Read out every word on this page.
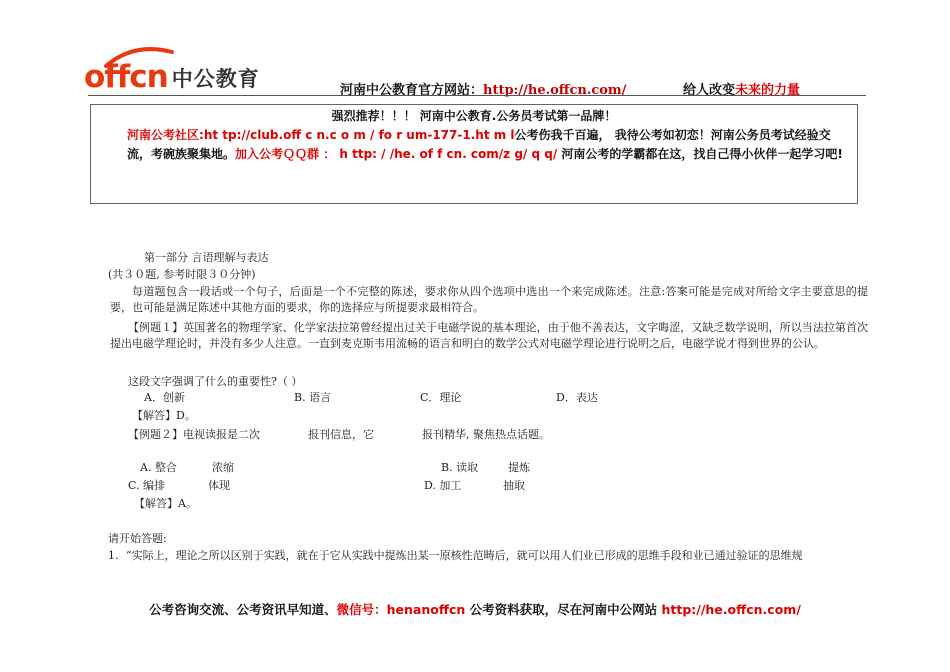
offcn 中公教育	河南中公教育官方网站：http://he.offcn.com/	给人改变未来的力量
强烈推荐！！！ 河南中公教育.公务员考试第一品牌！
河南公考社区:ht tp://club.off c n.c o m / fo r um-177-1.ht m l公考伤我千百遍， 我待公考如初恋！河南公务员考试经验交流，考碗族聚集地。加入公考ＱＱ群 ： h ttp: / /he. of f cn. com/z g/ q q/ 河南公考的学霸都在这，找自己得小伙伴一起学习吧!
第一部分 言语理解与表达
(共３０题, 参考时限３０分钟)
每道题包含一段话或一个句子，后面是一个不完整的陈述，要求你从四个选项中选出一个来完成陈述。注意:答案可能是完成对所给文字主要意思的提要，也可能是满足陈述中其他方面的要求，你的选择应与所提要求最相符合。
【例题１】英国著名的物理学家、化学家法拉第曾经提出过关于电磁学说的基本理论，由于他不善表达，文字晦涩，又缺乏数学说明，所以当法拉第首次提出电磁学理论时，并没有多少人注意。一直到麦克斯韦用流畅的语言和明白的数学公式对电磁学理论进行说明之后，电磁学说才得到世界的公认。
这段文字强调了什么的重要性?（ ）
A．创新	B. 语言	C．理论	D．表达
【解答】D。
【例题２】电视读报是二次	报刊信息，它	报刊精华, 聚焦热点话题。
A. 整合	浓缩	B. 读取	提炼
C. 编排	体现	D. 加工	抽取
【解答】A。
请开始答题:
1. “实际上，理论之所以区别于实践，就在于它从实践中提炼出某一原核性范畴后，就可以用人们业已形成的思维手段和业已通过验证的思维规
公考咨询交流、公考资讯早知道、微信号：henanoffcn 公考资料获取，尽在河南中公网站 http://he.offcn.com/
